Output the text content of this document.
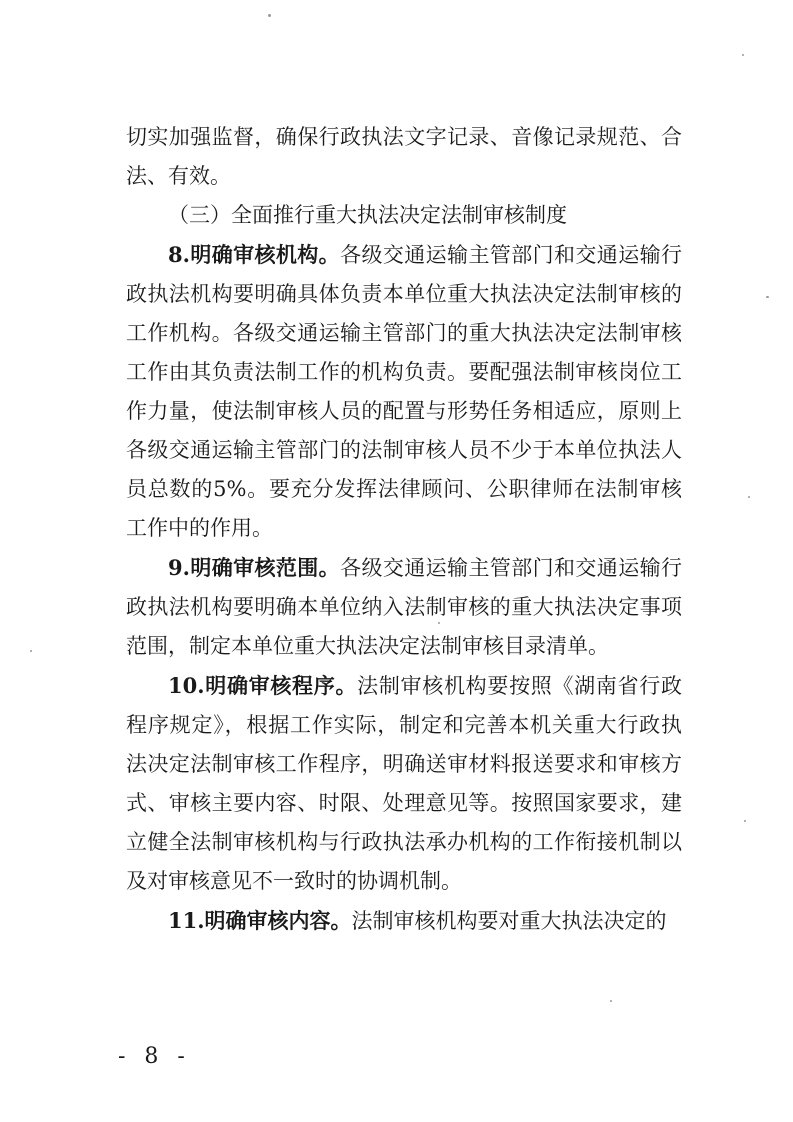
切实加强监督，确保行政执法文字记录、音像记录规范、合法、有效。

（三）全面推行重大执法决定法制审核制度

8.明确审核机构。各级交通运输主管部门和交通运输行政执法机构要明确具体负责本单位重大执法决定法制审核的工作机构。各级交通运输主管部门的重大执法决定法制审核工作由其负责法制工作的机构负责。要配强法制审核岗位工作力量，使法制审核人员的配置与形势任务相适应，原则上各级交通运输主管部门的法制审核人员不少于本单位执法人员总数的5%。要充分发挥法律顾问、公职律师在法制审核工作中的作用。

9.明确审核范围。各级交通运输主管部门和交通运输行政执法机构要明确本单位纳入法制审核的重大执法决定事项范围，制定本单位重大执法决定法制审核目录清单。

10.明确审核程序。法制审核机构要按照《湖南省行政程序规定》，根据工作实际，制定和完善本机关重大行政执法决定法制审核工作程序，明确送审材料报送要求和审核方式、审核主要内容、时限、处理意见等。按照国家要求，建立健全法制审核机构与行政执法承办机构的工作衔接机制以及对审核意见不一致时的协调机制。

11.明确审核内容。法制审核机构要对重大执法决定的

- 8 -
